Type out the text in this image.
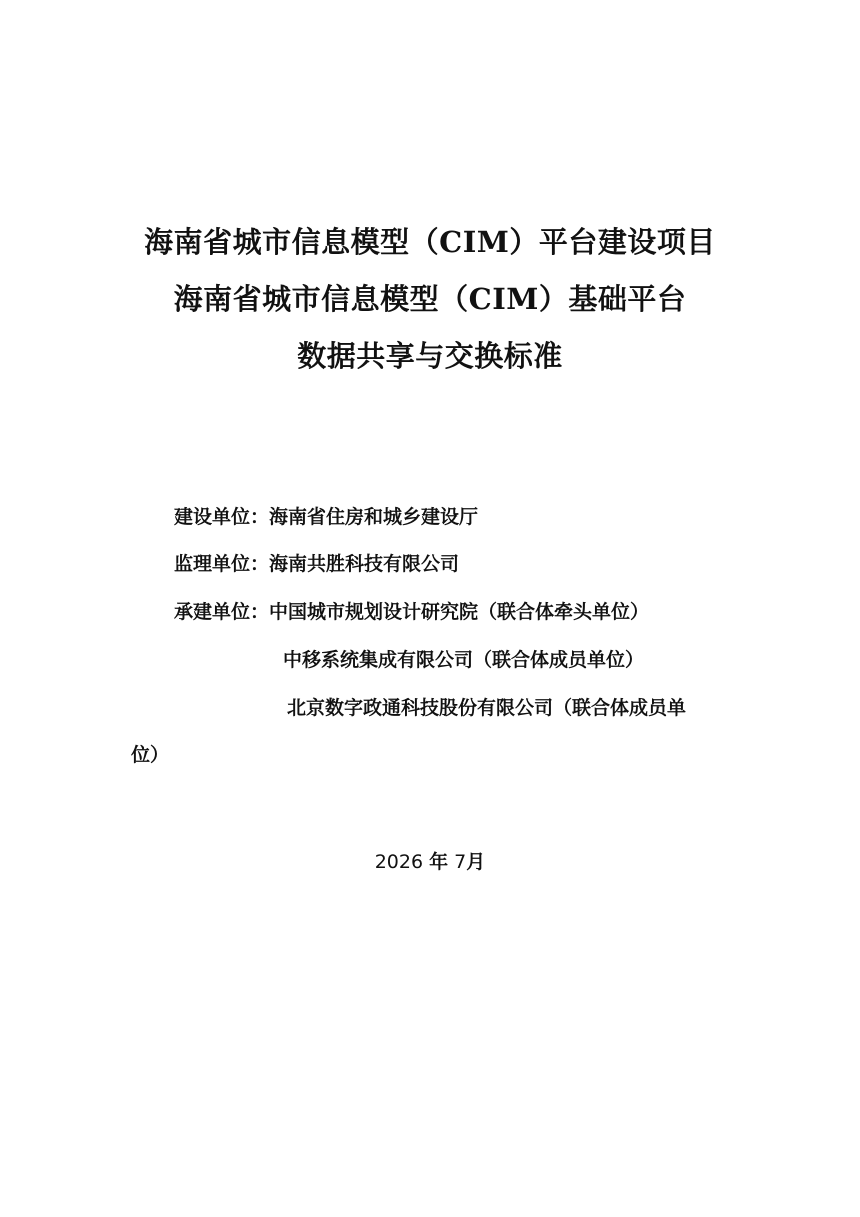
海南省城市信息模型（CIM）平台建设项目
海南省城市信息模型（CIM）基础平台
数据共享与交换标准
建设单位：海南省住房和城乡建设厅
监理单位：海南共胜科技有限公司
承建单位：中国城市规划设计研究院（联合体牵头单位）
中移系统集成有限公司（联合体成员单位）
北京数字政通科技股份有限公司（联合体成员单
位）
2026 年 7月
